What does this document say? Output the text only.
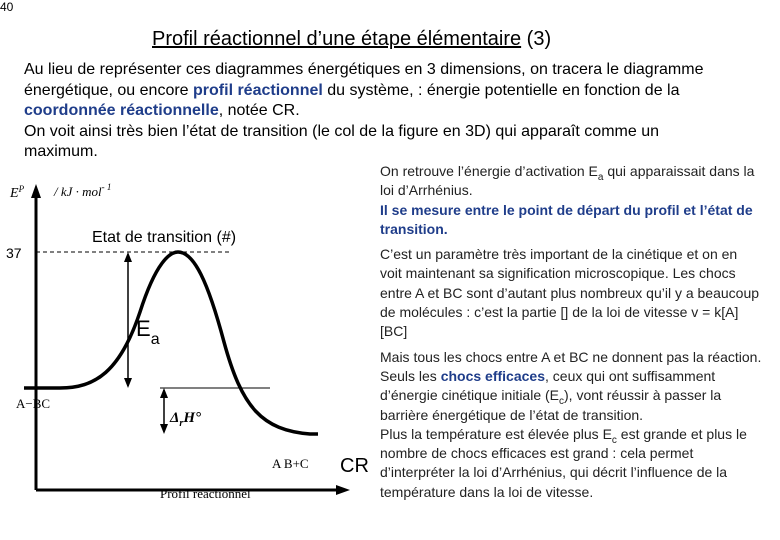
40
Profil réactionnel d’une étape élémentaire (3)

Au lieu de représenter ces diagrammes énergétiques en 3 dimensions, on tracera le diagramme énergétique, ou encore profil réactionnel du système, : énergie potentielle en fonction de la coordonnée réactionnelle, notée CR.

On voit ainsi très bien l’état de transition (le col de la figure en 3D) qui apparaît comme un maximum.

On retrouve l’énergie d’activation $E_a$ qui apparaissait dans la loi d’Arrhénius.

Il se mesure entre le point de départ du profil et l’état de transition.

C’est un paramètre très important de la cinétique et on en voit maintenant sa signification microscopique. Les chocs entre A et BC sont d’autant plus nombreux qu’il y a beaucoup de molécules : c’est la partie [] de la loi de vitesse v = k[A][BC]

Mais tous les chocs entre A et BC ne donnent pas la réaction. Seuls les chocs efficaces, ceux qui ont suffisamment d’énergie cinétique initiale $(E_c)$, vont réussir à passer la barrière énergétique de l’état de transition.

Plus la température est élevée plus $E_c$ est grande et plus le nombre de chocs efficaces est grand : cela permet d’interpréter la loi d’Arrhénius, qui décrit l’influence de la température dans la loi de vitesse.

$E^P$ / kJ · mol$^{- 1}$
37
$E_a$
Etat de transition (#)
A−BC
$\Delta_rH^\circ$
A B+C CR
Profil réactionnel
